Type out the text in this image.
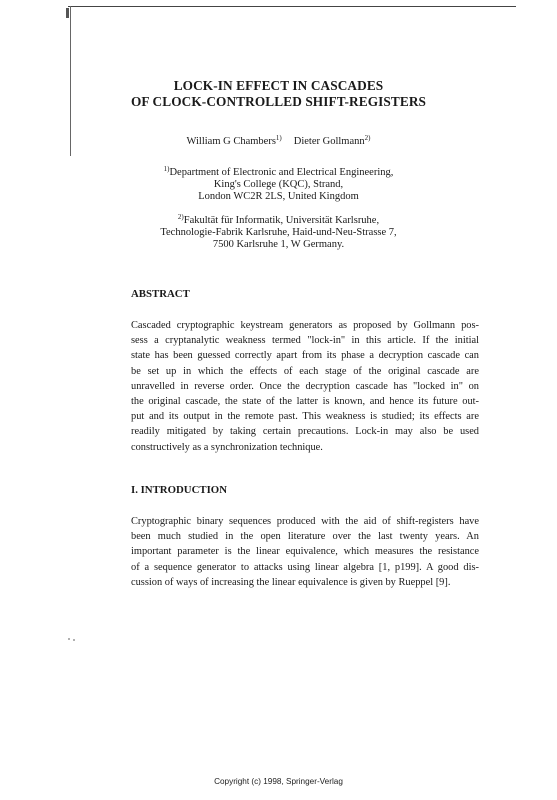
LOCK-IN EFFECT IN CASCADES
OF CLOCK-CONTROLLED SHIFT-REGISTERS
William G Chambers$^{1)}$ Dieter Gollmann$^{2)}$
$^{1)}$Department of Electronic and Electrical Engineering,
King's College (KQC), Strand,
London WC2R 2LS, United Kingdom
$^{2)}$Fakultät für Informatik, Universität Karlsruhe,
Technologie-Fabrik Karlsruhe, Haid-und-Neu-Strasse 7,
7500 Karlsruhe 1, W Germany.
ABSTRACT
Cascaded cryptographic keystream generators as proposed by Gollmann pos-
sess a cryptanalytic weakness termed "lock-in" in this article. If the initial
state has been guessed correctly apart from its phase a decryption cascade can
be set up in which the effects of each stage of the original cascade are
unravelled in reverse order. Once the decryption cascade has "locked in" on
the original cascade, the state of the latter is known, and hence its future out-
put and its output in the remote past. This weakness is studied; its effects are
readily mitigated by taking certain precautions. Lock-in may also be used
constructively as a synchronization technique.
I. INTRODUCTION
Cryptographic binary sequences produced with the aid of shift-registers have
been much studied in the open literature over the last twenty years. An
important parameter is the linear equivalence, which measures the resistance
of a sequence generator to attacks using linear algebra [1, p199]. A good dis-
cussion of ways of increasing the linear equivalence is given by Rueppel [9].
Copyright (c) 1998, Springer-Verlag
